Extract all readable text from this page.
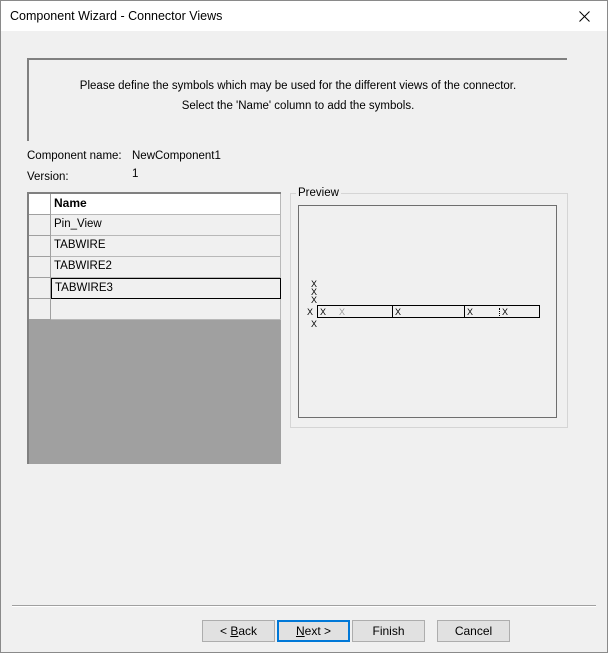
Component Wizard - Connector Views
Please define the symbols which may be used for the different views of the connector.
Select the 'Name' column to add the symbols.
Component name: NewComponent1
Version:	1
Name
Pin_View
TABWIRE
TABWIRE2
TABWIRE3
Preview
X
X
X
X
X
X X	X	X	X
< B ack	N ext >	Finish	Cancel
